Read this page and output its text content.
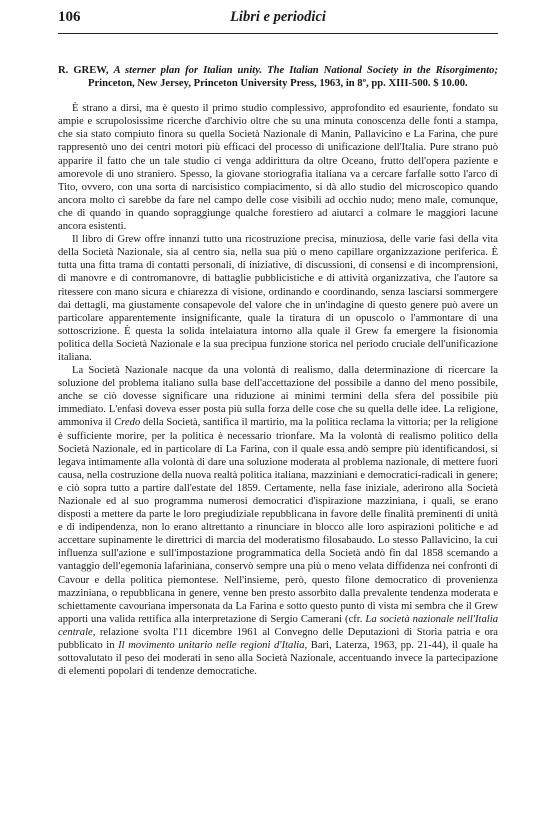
106	Libri e periodici

R. GREW, A sterner plan for Italian unity. The Italian National Society in the Risorgimento; Princeton, New Jersey, Princeton University Press, 1963, in 8º, pp. XIII-500. $ 10.00.

È strano a dirsi, ma è questo il primo studio complessivo, approfondito ed esauriente, fondato su ampie e scrupolosissime ricerche d'archivio oltre che su una minuta conoscenza delle fonti a stampa, che sia stato compiuto finora su quella Società Nazionale di Manin, Pallavicino e La Farina, che pure rappresentò uno dei centri motori più efficaci del processo di unificazione dell'Italia. Pure strano può apparire il fatto che un tale studio ci venga addirittura da oltre Oceano, frutto dell'opera paziente e amorevole di uno straniero. Spesso, la giovane storiografia italiana va a cercare farfalle sotto l'arco di Tito, ovvero, con una sorta di narcisistico compiacimento, si dà allo studio del microscopico quando ancora molto ci sarebbe da fare nel campo delle cose visibili ad occhio nudo; meno male, comunque, che di quando in quando sopraggiunge qualche forestiero ad aiutarci a colmare le maggiori lacune ancora esistenti.

Il libro di Grew offre innanzi tutto una ricostruzione precisa, minuziosa, delle varie fasi della vita della Società Nazionale, sia al centro sia, nella sua più o meno capillare organizzazione periferica. È tutta una fitta trama di contatti personali, di iniziative, di discussioni, di consensi e di incomprensioni, di manovre e di contromanovre, di battaglie pubblicistiche e di attività organizzativa, che l'autore sa ritessere con mano sicura e chiarezza di visione, ordinando e coordinando, senza lasciarsi sommergere dai dettagli, ma giustamente consapevole del valore che in un'indagine di questo genere può avere un particolare apparentemente insignificante, quale la tiratura di un opuscolo o l'ammontare di una sottoscrizione. È questa la solida intelaiatura intorno alla quale il Grew fa emergere la fisionomia politica della Società Nazionale e la sua precipua funzione storica nel periodo cruciale dell'unificazione italiana.

La Società Nazionale nacque da una volontà di realismo, dalla determinazione di ricercare la soluzione del problema italiano sulla base dell'accettazione del possibile a danno del meno possibile, anche se ciò dovesse significare una riduzione ai minimi termini della sfera del possibile più immediato. L'enfasi doveva esser posta più sulla forza delle cose che su quella delle idee. La religione, ammoniva il Credo della Società, santifica il martirio, ma la politica reclama la vittoria; per la religione è sufficiente morire, per la politica è necessario trionfare. Ma la volontà di realismo politico della Società Nazionale, ed in particolare di La Farina, con il quale essa andò sempre più identificandosi, si legava intimamente alla volontà di dare una soluzione moderata al problema nazionale, di mettere fuori causa, nella costruzione della nuova realtà politica italiana, mazziniani e democratici-radicali in genere; e ciò sopra tutto a partire dall'estate del 1859. Certamente, nella fase iniziale, aderirono alla Società Nazionale ed al suo programma numerosi democratici d'ispirazione mazziniana, i quali, se erano disposti a mettere da parte le loro pregiudiziale repubblicana in favore delle finalità preminenti di unità e di indipendenza, non lo erano altrettanto a rinunciare in blocco alle loro aspirazioni politiche e ad accettare supinamente le direttrici di marcia del moderatismo filosabaudo. Lo stesso Pallavicino, la cui influenza sull'azione e sull'impostazione programmatica della Società andò fin dal 1858 scemando a vantaggio dell'egemonia lafariniana, conservò sempre una più o meno velata diffidenza nei confronti di Cavour e della politica piemontese. Nell'insieme, però, questo filone democratico di provenienza mazziniana, o repubblicana in genere, venne ben presto assorbito dalla prevalente tendenza moderata e schiettamente cavouriana impersonata da La Farina e sotto questo punto di vista mi sembra che il Grew apporti una valida rettifica alla interpretazione di Sergio Camerani (cfr. La società nazionale nell'Italia centrale, relazione svolta l'11 dicembre 1961 al Convegno delle Deputazioni di Storia patria e ora pubblicato in Il movimento unitario nelle regioni d'Italia, Bari, Laterza, 1963, pp. 21-44), il quale ha sottovalutato il peso dei moderati in seno alla Società Nazionale, accentuando invece la partecipazione di elementi popolari di tendenze democratiche.
